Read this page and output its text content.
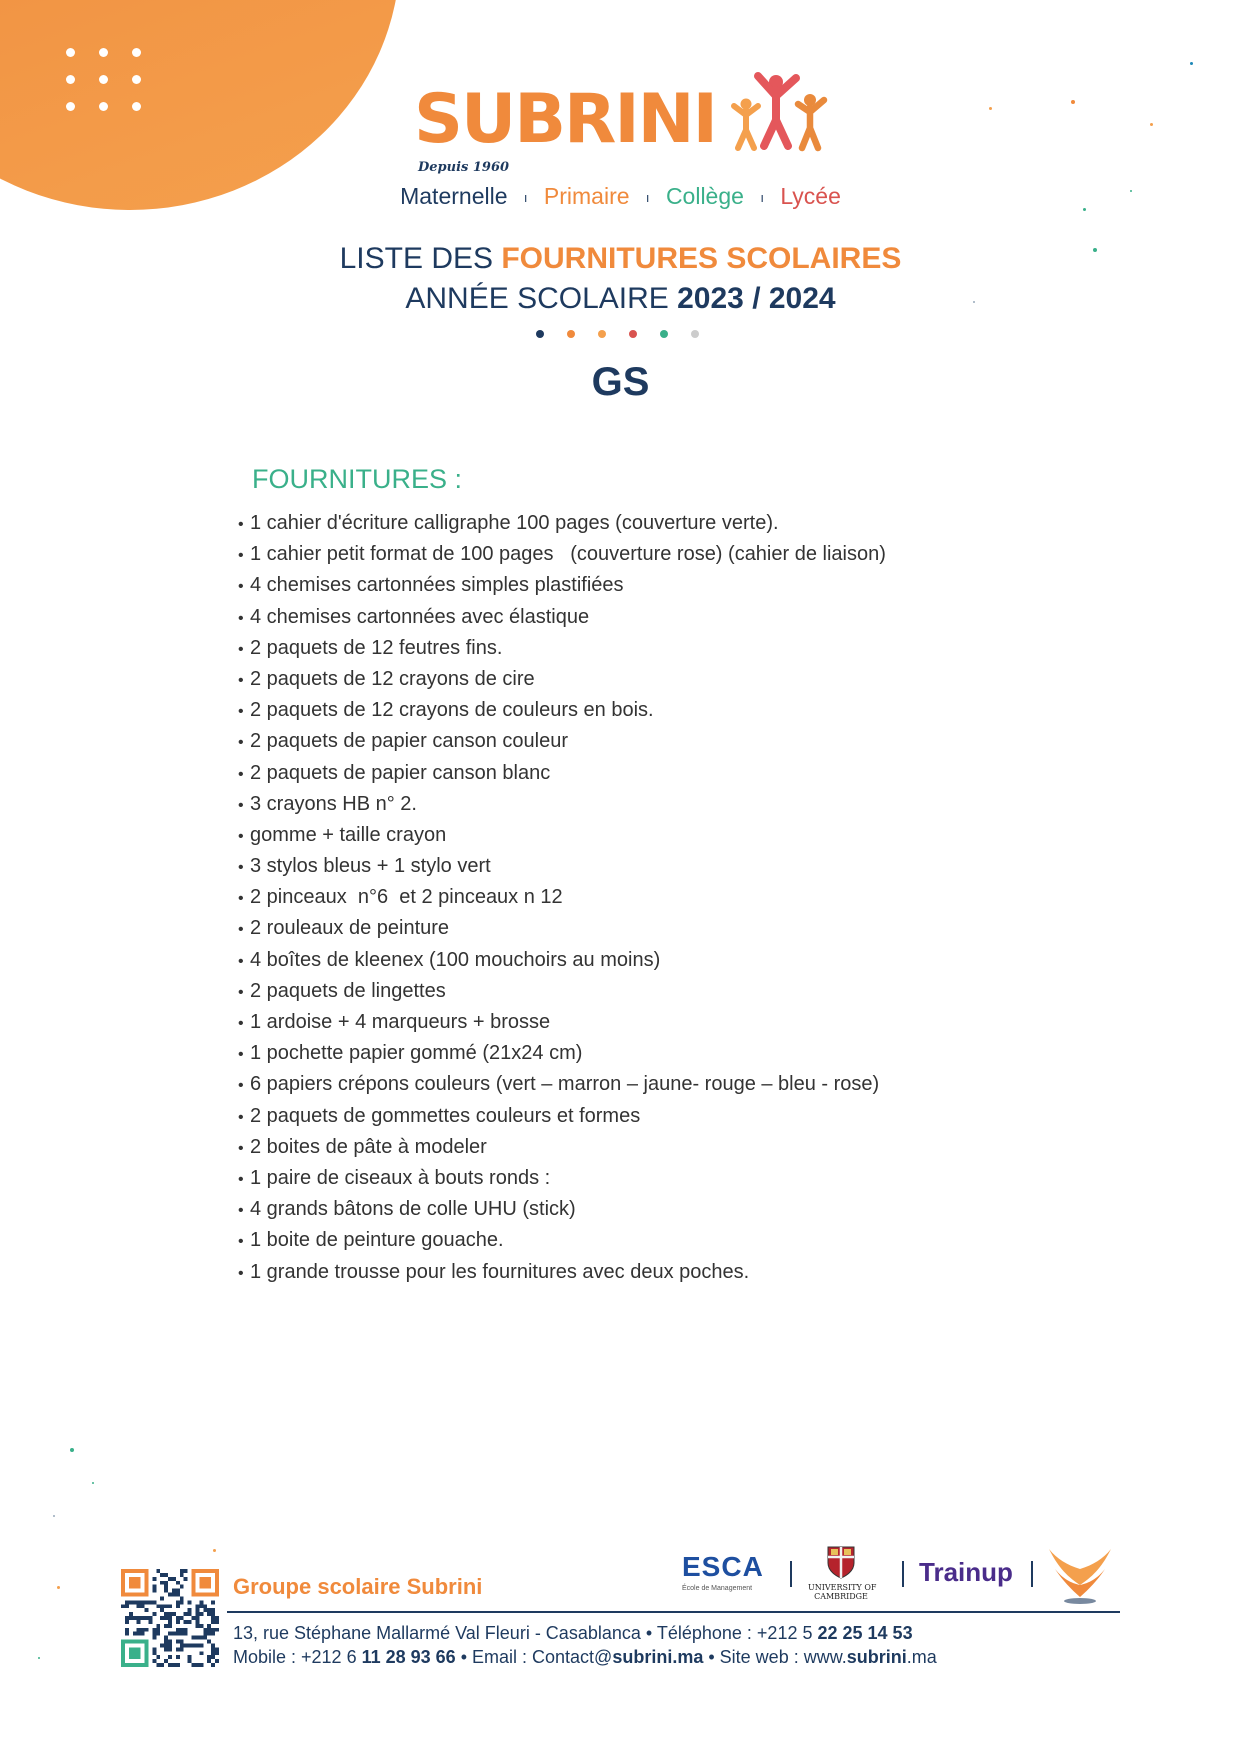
SUBRINI
Depuis 1960
Maternelle ı Primaire ı Collège ı Lycée
LISTE DES FOURNITURES SCOLAIRES
ANNÉE SCOLAIRE 2023 / 2024
GS
FOURNITURES :
• 1 cahier d'écriture calligraphe 100 pages (couverture verte).
• 1 cahier petit format de 100 pages   (couverture rose) (cahier de liaison)
• 4 chemises cartonnées simples plastifiées
• 4 chemises cartonnées avec élastique
• 2 paquets de 12 feutres fins.
• 2 paquets de 12 crayons de cire
• 2 paquets de 12 crayons de couleurs en bois.
• 2 paquets de papier canson couleur
• 2 paquets de papier canson blanc
• 3 crayons HB n° 2.
• gomme + taille crayon
• 3 stylos bleus + 1 stylo vert
• 2 pinceaux  n°6  et 2 pinceaux n 12
• 2 rouleaux de peinture
• 4 boîtes de kleenex (100 mouchoirs au moins)
• 2 paquets de lingettes
• 1 ardoise + 4 marqueurs + brosse
• 1 pochette papier gommé (21x24 cm)
• 6 papiers crépons couleurs (vert – marron – jaune- rouge – bleu - rose)
• 2 paquets de gommettes couleurs et formes
• 2 boites de pâte à modeler
• 1 paire de ciseaux à bouts ronds :
• 4 grands bâtons de colle UHU (stick)
• 1 boite de peinture gouache.
• 1 grande trousse pour les fournitures avec deux poches.
Groupe scolaire Subrini
ESCA
École de Management	UNIVERSITY OF
CAMBRIDGE
Trainup
13, rue Stéphane Mallarmé Val Fleuri - Casablanca • Téléphone : +212 5 22 25 14 53
Mobile : +212 6 11 28 93 66 • Email : Contact@subrini.ma • Site web : www.subrini.ma
